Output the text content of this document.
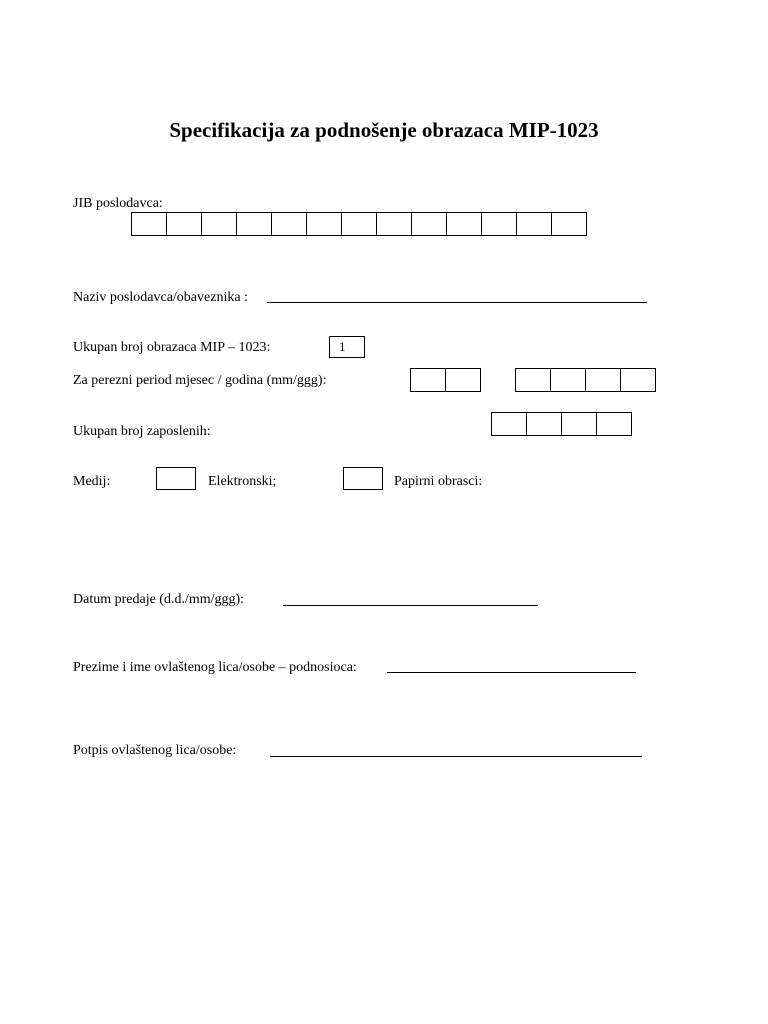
Specifikacija za podnošenje obrazaca MIP-1023
JIB poslodavca:
Naziv poslodavca/obaveznika :
Ukupan broj obrazaca MIP – 1023:	1
Za perezni period mjesec / godina (mm/ggg):
Ukupan broj zaposlenih:
Medij:	Elektronski;	Papirni obrasci:
Datum predaje (d.d./mm/ggg):
Prezime i ime ovlaštenog lica/osobe – podnosioca:
Potpis ovlaštenog lica/osobe:
